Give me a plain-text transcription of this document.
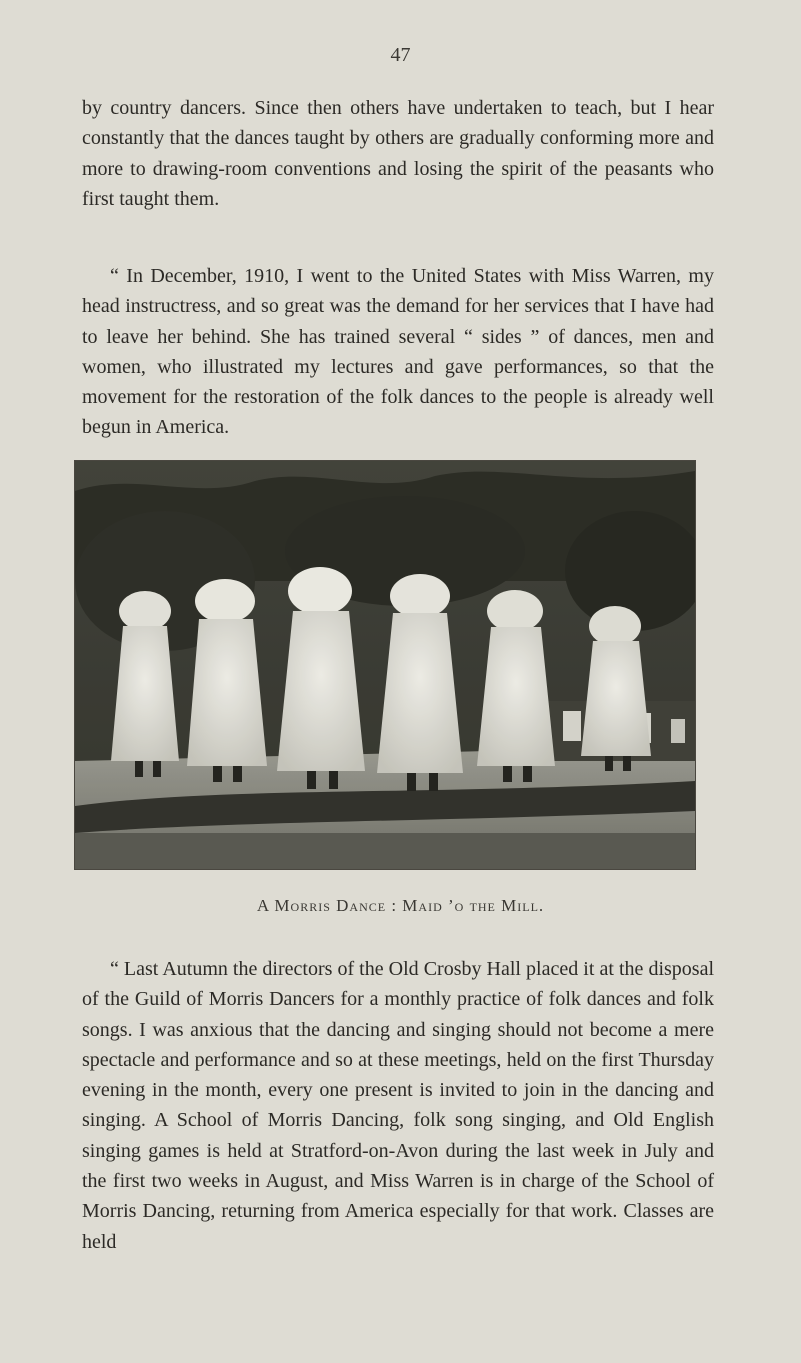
47

by country dancers. Since then others have undertaken to teach, but I hear constantly that the dances taught by others are gradually conforming more and more to drawing-room conventions and losing the spirit of the peasants who first taught them.

“ In December, 1910, I went to the United States with Miss Warren, my head instructress, and so great was the demand for her services that I have had to leave her behind. She has trained several “ sides ” of dances, men and women, who illustrated my lectures and gave performances, so that the movement for the restoration of the folk dances to the people is already well begun in America.

A Morris Dance : Maid ’o the Mill.

“ Last Autumn the directors of the Old Crosby Hall placed it at the disposal of the Guild of Morris Dancers for a monthly practice of folk dances and folk songs. I was anxious that the dancing and singing should not become a mere spectacle and performance and so at these meetings, held on the first Thursday evening in the month, every one present is invited to join in the dancing and singing. A School of Morris Dancing, folk song singing, and Old English singing games is held at Stratford-on-Avon during the last week in July and the first two weeks in August, and Miss Warren is in charge of the School of Morris Dancing, returning from America especially for that work. Classes are held
